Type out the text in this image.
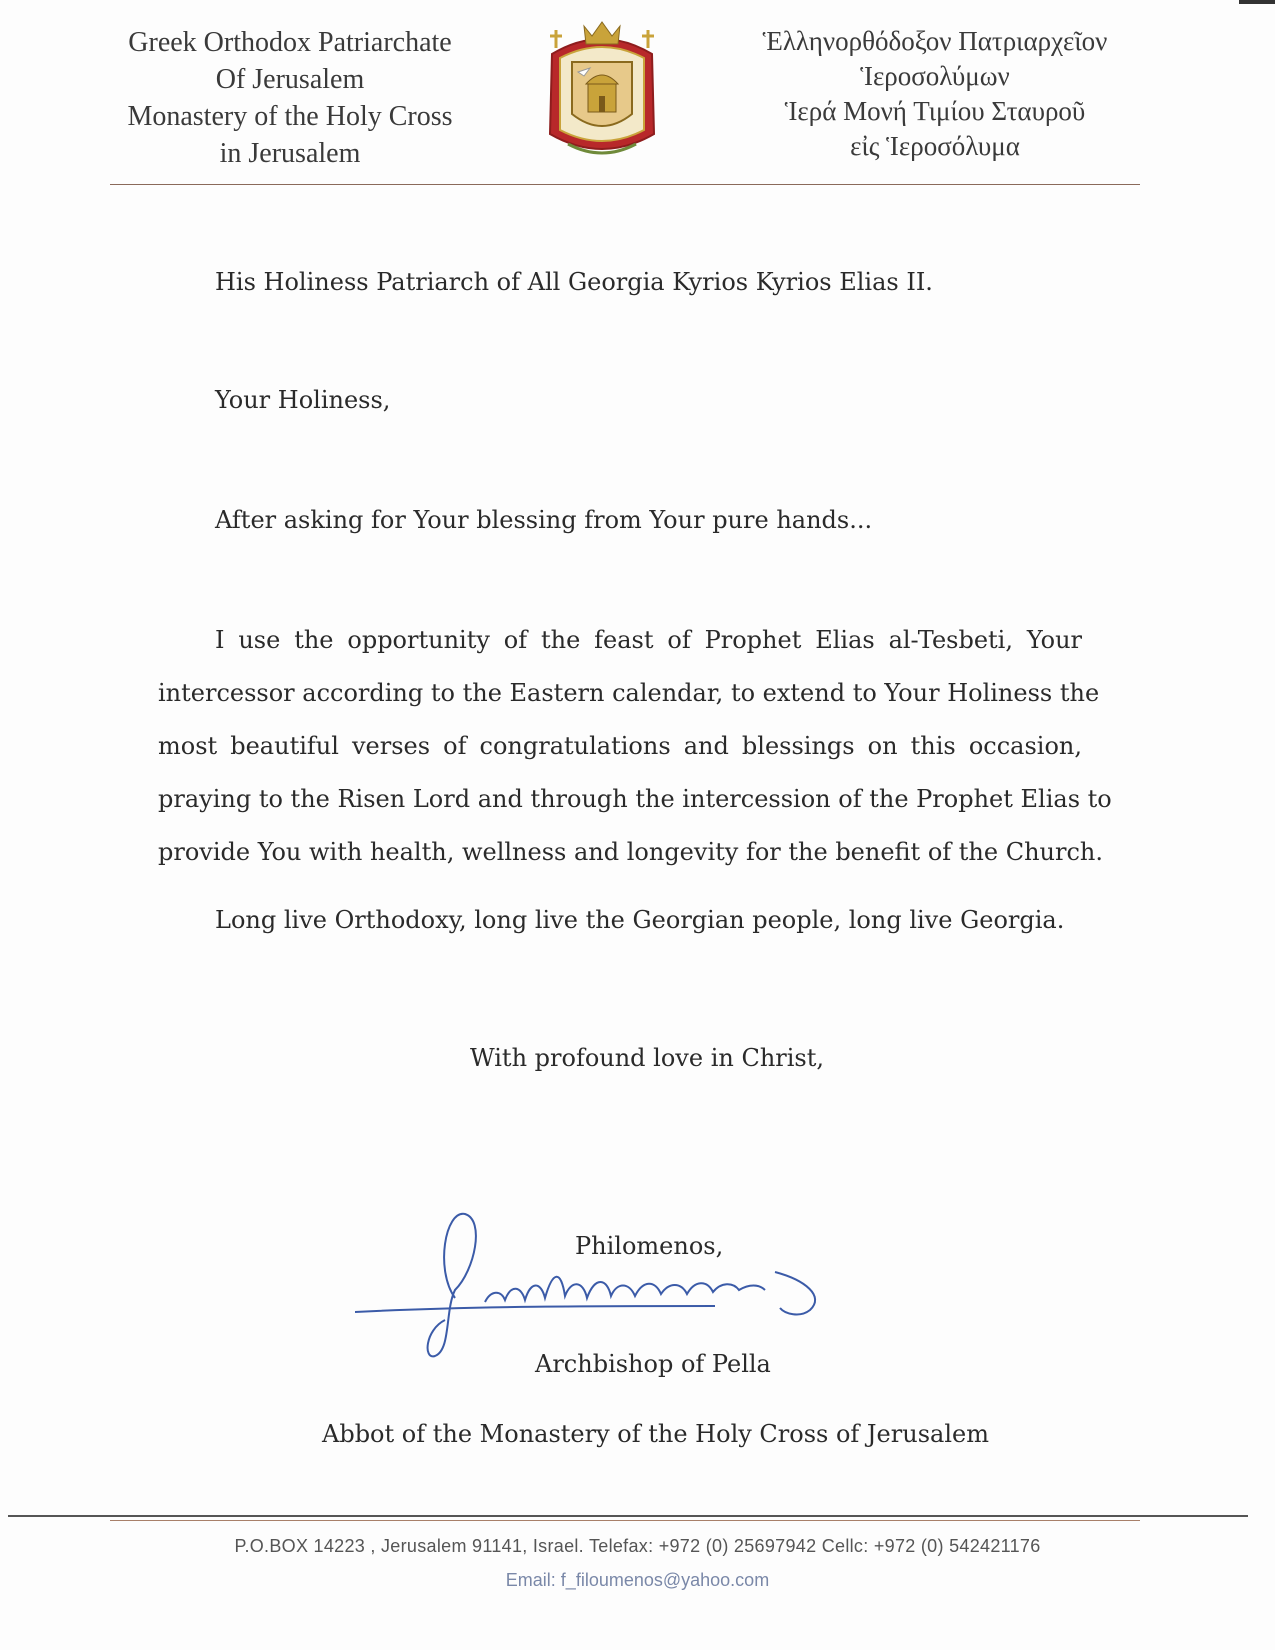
Greek Orthodox Patriarchate
Of Jerusalem
Monastery of the Holy Cross
in Jerusalem
Ἑλληνορθόδοξον Πατριαρχεῖον
Ἱεροσολύμων
Ἱερά Μονή Τιμίου Σταυροῦ
εἰς Ἱεροσόλυμα
His Holiness Patriarch of All Georgia Kyrios Kyrios Elias II.
Your Holiness,
After asking for Your blessing from Your pure hands...
I use the opportunity of the feast of Prophet Elias al-Tesbeti, Your
intercessor according to the Eastern calendar, to extend to Your Holiness the
most beautiful verses of congratulations and blessings on this occasion,
praying to the Risen Lord and through the intercession of the Prophet Elias to
provide You with health, wellness and longevity for the benefit of the Church.
Long live Orthodoxy, long live the Georgian people, long live Georgia.
With profound love in Christ,
Philomenos,
Archbishop of Pella
Abbot of the Monastery of the Holy Cross of Jerusalem
P.O.BOX 14223 , Jerusalem 91141, Israel. Telefax: +972 (0) 25697942 Cellc: +972 (0) 542421176
Email: f_filoumenos@yahoo.com
